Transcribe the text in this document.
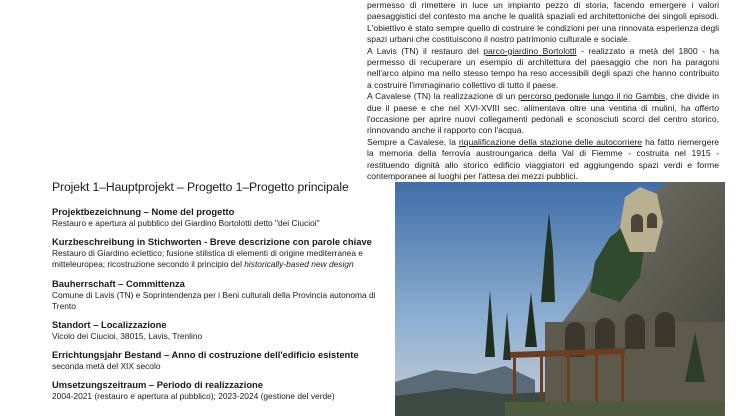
permesso di rimettere in luce un impianto pezzo di storia, facendo emergere i valori paesaggistici del contesto ma anche le qualità spaziali ed architettoniche dei singoli episodi. L'obiettivo è stato sempre quello di costruire le condizioni per una rinnovata esperienza degli spazi urbani che costituiscono il nostro patrimonio culturale e sociale.

A Lavis (TN) il restauro del parco-giardino Bortolotti - realizzato a metà del 1800 - ha permesso di recuperare un esempio di architettura del paesaggio che non ha paragoni nell'arco alpino ma nello stesso tempo ha reso accessibili degli spazi che hanno contribuito a costruire l'immaginario collettivo di tutto il paese.

A Cavalese (TN) la realizzazione di un percorso pedonale lungo il rio Gambis, che divide in due il paese e che nel XVI-XVIII sec. alimentava oltre una ventina di mulini, ha offerto l'occasione per aprire nuovi collegamenti pedonali e sconosciuti scorci del centro storico, rinnovando anche il rapporto con l'acqua.

Sempre a Cavalese, la riqualificazione della stazione delle autocorriere ha fatto riemergere la memoria della ferrovia austroungarica della Val di Fiemme - costruita nel 1915 - restituendo dignità allo storico edificio viaggiatori ed aggiungendo spazi verdi e forme contemporanee ai luoghi per l'attesa dei mezzi pubblici.

Projekt 1–Hauptprojekt – Progetto 1–Progetto principale
Projektbezeichnung – Nome del progetto
Restauro e apertura al pubblico del Giardino Bortolotti detto "dei Ciucioi"
Kurzbeschreibung in Stichworten - Breve descrizione con parole chiave
Restauro di Giardino eclettico; fusione stilistica di elementi di origine mediterranea e mitteleuropea; ricostruzione secondo il principio del historically-based new design
Bauherrschaft – Committenza
Comune di Lavis (TN) e Soprintendenza per i Beni culturali della Provincia autonoma di Trento
Standort – Localizzazione
Vicolo dei Ciucioi, 38015, Lavis, Trenlino
Errichtungsjahr Bestand – Anno di costruzione dell'edificio esistente
seconda metà del XIX secolo
Umsetzungszeitraum – Periodo di realizzazione
2004-2021 (restauro e apertura al pubblico); 2023-2024 (gestione del verde)
